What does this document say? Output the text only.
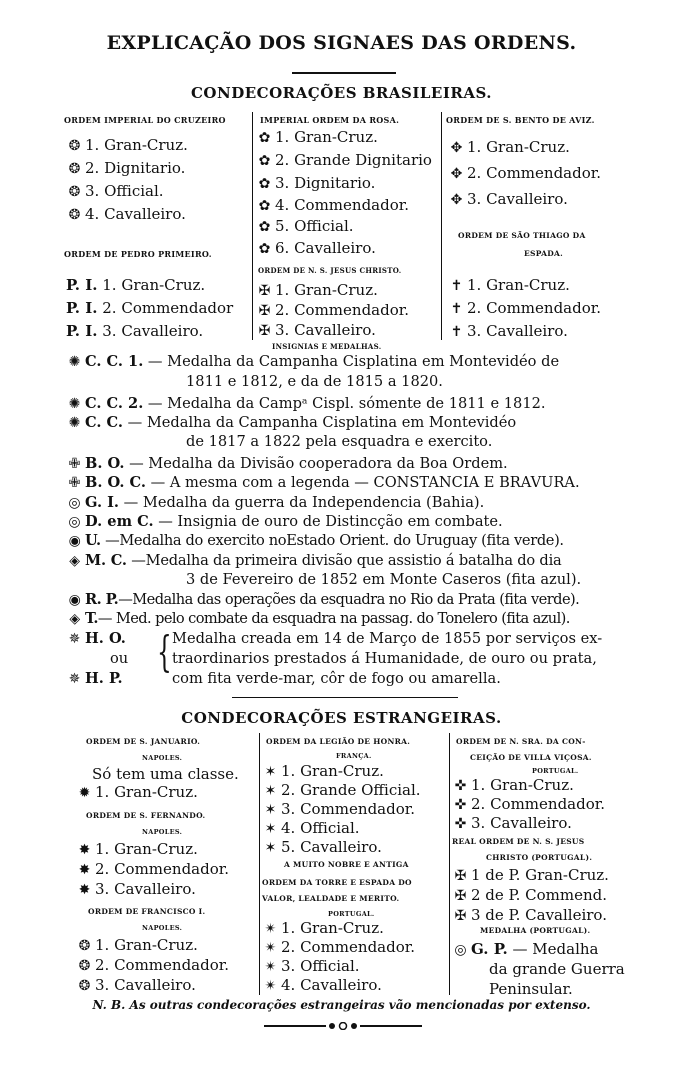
EXPLICAÇÃO DOS SIGNAES DAS ORDENS.
CONDECORAÇÕES BRASILEIRAS.
ORDEM IMPERIAL DO CRUZEIRO
❂ 1. Gran-Cruz.
❂ 2. Dignitario.
❂ 3. Official.
❂ 4. Cavalleiro.
ORDEM DE PEDRO PRIMEIRO.
P. I. 1. Gran-Cruz.
P. I. 2. Commendador
P. I. 3. Cavalleiro.
IMPERIAL ORDEM DA ROSA.
✿ 1. Gran-Cruz.
✿ 2. Grande Dignitario
✿ 3. Dignitario.
✿ 4. Commendador.
✿ 5. Official.
✿ 6. Cavalleiro.
ORDEM DE N. S. JESUS CHRISTO.
✠ 1. Gran-Cruz.
✠ 2. Commendador.
✠ 3. Cavalleiro.
ORDEM DE S. BENTO DE AVIZ.
✥ 1. Gran-Cruz.
✥ 2. Commendador.
✥ 3. Cavalleiro.
ORDEM DE SÃO THIAGO DA
ESPADA.
✝ 1. Gran-Cruz.
✝ 2. Commendador.
✝ 3. Cavalleiro.
INSIGNIAS E MEDALHAS.
✺ C. C. 1. — Medalha da Campanha Cisplatina em Montevidéo de
1811 e 1812, e da de 1815 a 1820.
✺ C. C. 2. — Medalha da Campᵃ Cispl. sómente de 1811 e 1812.
✺ C. C. — Medalha da Campanha Cisplatina em Montevidéo
de 1817 a 1822 pela esquadra e exercito.
✙ B. O. — Medalha da Divisão cooperadora da Boa Ordem.
✙ B. O. C. — A mesma com a legenda — CONSTANCIA E BRAVURA.
◎ G. I. — Medalha da guerra da Independencia (Bahia).
◎ D. em C. — Insignia de ouro de Distincção em combate.
◉ U. —Medalha do exercito noEstado Orient. do Uruguay (fita verde).
◈ M. C. —Medalha da primeira divisão que assistio á batalha do dia
3 de Fevereiro de 1852 em Monte Caseros (fita azul).
◉ R. P.—Medalha das operações da esquadra no Rio da Prata (fita verde).
◈ T.— Med. pelo combate da esquadra na passag. do Tonelero (fita azul).
✵ H. O.
ou
✵ H. P.
{ Medalha creada em 14 de Março de 1855 por serviços ex-
traordinarios prestados á Humanidade, de ouro ou prata,
com fita verde-mar, côr de fogo ou amarella.
CONDECORAÇÕES ESTRANGEIRAS.
ORDEM DE S. JANUARIO.
NAPOLES.
Só tem uma classe.
✹ 1. Gran-Cruz.
ORDEM DE S. FERNANDO.
NAPOLES.
✸ 1. Gran-Cruz.
✸ 2. Commendador.
✸ 3. Cavalleiro.
ORDEM DE FRANCISCO I.
NAPOLES.
❂ 1. Gran-Cruz.
❂ 2. Commendador.
❂ 3. Cavalleiro.
ORDEM DA LEGIÃO DE HONRA.
FRANÇA.
✶ 1. Gran-Cruz.
✶ 2. Grande Official.
✶ 3. Commendador.
✶ 4. Official.
✶ 5. Cavalleiro.
A MUITO NOBRE E ANTIGA
ORDEM DA TORRE E ESPADA DO
VALOR, LEALDADE E MERITO.
PORTUGAL.
✴ 1. Gran-Cruz.
✴ 2. Commendador.
✴ 3. Official.
✴ 4. Cavalleiro.
ORDEM DE N. SRA. DA CON-
CEIÇÃO DE VILLA VIÇOSA.
PORTUGAL.
✜ 1. Gran-Cruz.
✜ 2. Commendador.
✜ 3. Cavalleiro.
REAL ORDEM DE N. S. JESUS
CHRISTO (PORTUGAL).
✠ 1 de P. Gran-Cruz.
✠ 2 de P. Commend.
✠ 3 de P. Cavalleiro.
MEDALHA (PORTUGAL).
◎ G. P. — Medalha
da grande Guerra
Peninsular.
N. B. As outras condecorações estrangeiras vão mencionadas por extenso.
